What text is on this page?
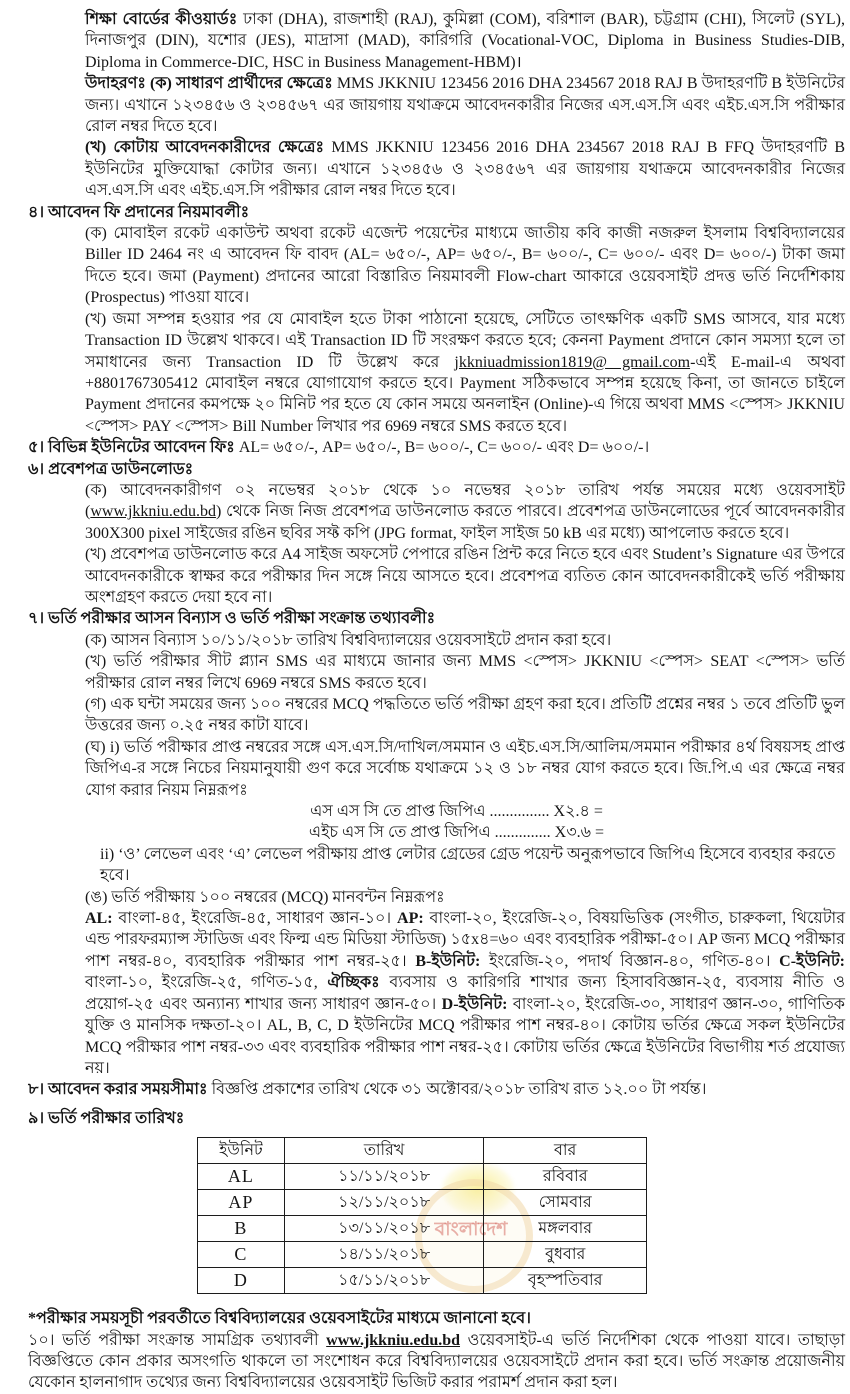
শিক্ষা বোর্ডের কীওয়ার্ডঃ ঢাকা (DHA), রাজশাহী (RAJ), কুমিল্লা (COM), বরিশাল (BAR), চট্টগ্রাম (CHI), সিলেট (SYL), দিনাজপুর (DIN), যশোর (JES), মাদ্রাসা (MAD), কারিগরি (Vocational-VOC, Diploma in Business Studies-DIB, Diploma in Commerce-DIC, HSC in Business Management-HBM)।
উদাহরণঃ (ক) সাধারণ প্রার্থীদের ক্ষেত্রেঃ MMS JKKNIU 123456 2016 DHA 234567 2018 RAJ B উদাহরণটি B ইউনিটের জন্য। এখানে ১২৩৪৫৬ ও ২৩৪৫৬৭ এর জায়গায় যথাক্রমে আবেদনকারীর নিজের এস.এস.সি এবং এইচ.এস.সি পরীক্ষার রোল নম্বর দিতে হবে।
(খ) কোটায় আবেদনকারীদের ক্ষেত্রেঃ MMS JKKNIU 123456 2016 DHA 234567 2018 RAJ B FFQ উদাহরণটি B ইউনিটের মুক্তিযোদ্ধা কোটার জন্য। এখানে ১২৩৪৫৬ ও ২৩৪৫৬৭ এর জায়গায় যথাক্রমে আবেদনকারীর নিজের এস.এস.সি এবং এইচ.এস.সি পরীক্ষার রোল নম্বর দিতে হবে।
৪। আবেদন ফি প্রদানের নিয়মাবলীঃ
(ক) মোবাইল রকেট একাউন্ট অথবা রকেট এজেন্ট পয়েন্টের মাধ্যমে জাতীয় কবি কাজী নজরুল ইসলাম বিশ্ববিদ্যালয়ের Biller ID 2464 নং এ আবেদন ফি বাবদ (AL= ৬৫০/-, AP= ৬৫০/-, B= ৬০০/-, C= ৬০০/- এবং D= ৬০০/-) টাকা জমা দিতে হবে। জমা (Payment) প্রদানের আরো বিস্তারিত নিয়মাবলী Flow-chart আকারে ওয়েবসাইট প্রদত্ত ভর্তি নির্দেশিকায় (Prospectus) পাওয়া যাবে।
(খ) জমা সম্পন্ন হওয়ার পর যে মোবাইল হতে টাকা পাঠানো হয়েছে, সেটিতে তাৎক্ষণিক একটি SMS আসবে, যার মধ্যে Transaction ID উল্লেখ থাকবে। এই Transaction ID টি সংরক্ষণ করতে হবে; কেননা Payment প্রদানে কোন সমস্যা হলে তা সমাধানের জন্য Transaction ID টি উল্লেখ করে jkkniuadmission1819@ gmail.com-এই E-mail-এ অথবা +8801767305412 মোবাইল নম্বরে যোগাযোগ করতে হবে। Payment সঠিকভাবে সম্পন্ন হয়েছে কিনা, তা জানতে চাইলে Payment প্রদানের কমপক্ষে ২০ মিনিট পর হতে যে কোন সময়ে অনলাইন (Online)-এ গিয়ে অথবা MMS <স্পেস> JKKNIU <স্পেস> PAY <স্পেস> Bill Number লিখার পর 6969 নম্বরে SMS করতে হবে।
৫। বিভিন্ন ইউনিটের আবেদন ফিঃ AL= ৬৫০/-, AP= ৬৫০/-, B= ৬০০/-, C= ৬০০/- এবং D= ৬০০/-।
৬। প্রবেশপত্র ডাউনলোডঃ
(ক) আবেদনকারীগণ ০২ নভেম্বর ২০১৮ থেকে ১০ নভেম্বর ২০১৮ তারিখ পর্যন্ত সময়ের মধ্যে ওয়েবসাইট (www.jkkniu.edu.bd) থেকে নিজ নিজ প্রবেশপত্র ডাউনলোড করতে পারবে। প্রবেশপত্র ডাউনলোডের পূর্বে আবেদনকারীর 300X300 pixel সাইজের রঙিন ছবির সফ্ট কপি (JPG format, ফাইল সাইজ 50 kB এর মধ্যে) আপলোড করতে হবে।
(খ) প্রবেশপত্র ডাউনলোড করে A4 সাইজ অফসেট পেপারে রঙিন প্রিন্ট করে নিতে হবে এবং Student’s Signature এর উপরে আবেদনকারীকে স্বাক্ষর করে পরীক্ষার দিন সঙ্গে নিয়ে আসতে হবে। প্রবেশপত্র ব্যতিত কোন আবেদনকারীকেই ভর্তি পরীক্ষায় অংশগ্রহণ করতে দেয়া হবে না।
৭। ভর্তি পরীক্ষার আসন বিন্যাস ও ভর্তি পরীক্ষা সংক্রান্ত তথ্যাবলীঃ
(ক) আসন বিন্যাস ১০/১১/২০১৮ তারিখ বিশ্ববিদ্যালয়ের ওয়েবসাইটে প্রদান করা হবে।
(খ) ভর্তি পরীক্ষার সীট প্ল্যান SMS এর মাধ্যমে জানার জন্য MMS <স্পেস> JKKNIU <স্পেস> SEAT <স্পেস> ভর্তি পরীক্ষার রোল নম্বর লিখে 6969 নম্বরে SMS করতে হবে।
(গ) এক ঘন্টা সময়ের জন্য ১০০ নম্বরের MCQ পদ্ধতিতে ভর্তি পরীক্ষা গ্রহণ করা হবে। প্রতিটি প্রশ্নের নম্বর ১ তবে প্রতিটি ভুল উত্তরের জন্য ০.২৫ নম্বর কাটা যাবে।
(ঘ) i) ভর্তি পরীক্ষার প্রাপ্ত নম্বরের সঙ্গে এস.এস.সি/দাখিল/সমমান ও এইচ.এস.সি/আলিম/সমমান পরীক্ষার ৪র্থ বিষয়সহ প্রাপ্ত জিপিএ-র সঙ্গে নিচের নিয়মানুযায়ী গুণ করে সর্বোচ্চ যথাক্রমে ১২ ও ১৮ নম্বর যোগ করতে হবে। জি.পি.এ এর ক্ষেত্রে নম্বর যোগ করার নিয়ম নিম্নরূপঃ
এস এস সি তে প্রাপ্ত জিপিএ ............... X২.৪ =
এইচ এস সি তে প্রাপ্ত জিপিএ .............. X৩.৬ =
ii) ‘ও’ লেভেল এবং ‘এ’ লেভেল পরীক্ষায় প্রাপ্ত লেটার গ্রেডের গ্রেড পয়েন্ট অনুরূপভাবে জিপিএ হিসেবে ব্যবহার করতে হবে।
(ঙ) ভর্তি পরীক্ষায় ১০০ নম্বরের (MCQ) মানবন্টন নিম্নরূপঃ
AL: বাংলা-৪৫, ইংরেজি-৪৫, সাধারণ জ্ঞান-১০। AP: বাংলা-২০, ইংরেজি-২০, বিষয়ভিত্তিক (সংগীত, চারুকলা, থিয়েটার এন্ড পারফরম্যান্স স্টাডিজ এবং ফিল্ম এন্ড মিডিয়া স্টাডিজ) ১৫x৪=৬০ এবং ব্যবহারিক পরীক্ষা-৫০। AP জন্য MCQ পরীক্ষার পাশ নম্বর-৪০, ব্যবহারিক পরীক্ষার পাশ নম্বর-২৫। B-ইউনিট: ইংরেজি-২০, পদার্থ বিজ্ঞান-৪০, গণিত-৪০। C-ইউনিট: বাংলা-১০, ইংরেজি-২৫, গণিত-১৫, ঐচ্ছিকঃ ব্যবসায় ও কারিগরি শাখার জন্য হিসাববিজ্ঞান-২৫, ব্যবসায় নীতি ও প্রয়োগ-২৫ এবং অন্যান্য শাখার জন্য সাধারণ জ্ঞান-৫০। D-ইউনিট: বাংলা-২০, ইংরেজি-৩০, সাধারণ জ্ঞান-৩০, গাণিতিক যুক্তি ও মানসিক দক্ষতা-২০। AL, B, C, D ইউনিটের MCQ পরীক্ষার পাশ নম্বর-৪০। কোটায় ভর্তির ক্ষেত্রে সকল ইউনিটের MCQ পরীক্ষার পাশ নম্বর-৩৩ এবং ব্যবহারিক পরীক্ষার পাশ নম্বর-২৫। কোটায় ভর্তির ক্ষেত্রে ইউনিটের বিভাগীয় শর্ত প্রযোজ্য নয়।
৮। আবেদন করার সময়সীমাঃ বিজ্ঞপ্তি প্রকাশের তারিখ থেকে ৩১ অক্টোবর/২০১৮ তারিখ রাত ১২.০০ টা পর্যন্ত।
৯। ভর্তি পরীক্ষার তারিখঃ
বাংলাদেশ
ইউনিট	তারিখ	বার
AL	১১/১১/২০১৮	রবিবার
AP	১২/১১/২০১৮	সোমবার
B	১৩/১১/২০১৮	মঙ্গলবার
C	১৪/১১/২০১৮	বুধবার
D	১৫/১১/২০১৮	বৃহস্পতিবার
*পরীক্ষার সময়সূচী পরবর্তীতে বিশ্ববিদ্যালয়ের ওয়েবসাইটের মাধ্যমে জানানো হবে।
১০। ভর্তি পরীক্ষা সংক্রান্ত সামগ্রিক তথ্যাবলী www.jkkniu.edu.bd ওয়েবসাইট-এ ভর্তি নির্দেশিকা থেকে পাওয়া যাবে। তাছাড়া বিজ্ঞপ্তিতে কোন প্রকার অসংগতি থাকলে তা সংশোধন করে বিশ্ববিদ্যালয়ের ওয়েবসাইটে প্রদান করা হবে। ভর্তি সংক্রান্ত প্রয়োজনীয় যেকোন হালনাগাদ তথ্যের জন্য বিশ্ববিদ্যালয়ের ওয়েবসাইট ভিজিট করার পরামর্শ প্রদান করা হল।
